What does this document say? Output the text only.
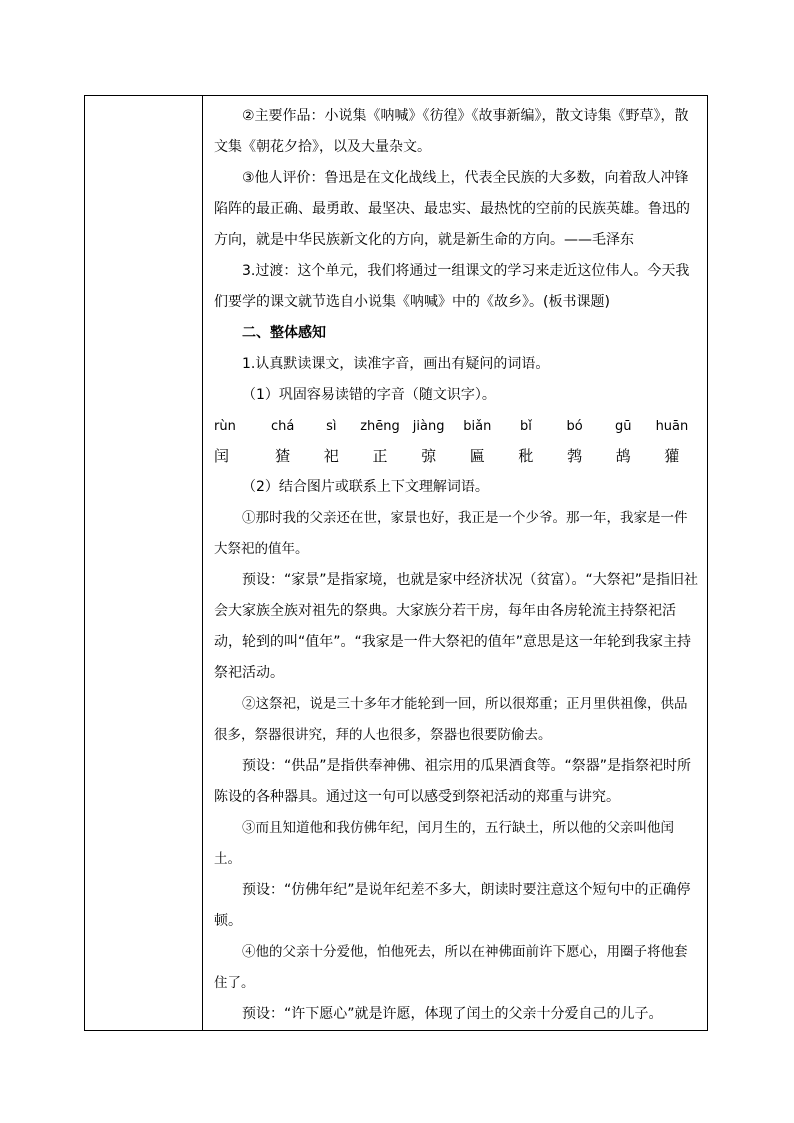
②主要作品：小说集《呐喊》《彷徨》《故事新编》，散文诗集《野草》，散文集《朝花夕拾》，以及大量杂文。

③他人评价：鲁迅是在文化战线上，代表全民族的大多数，向着敌人冲锋陷阵的最正确、最勇敢、最坚决、最忠实、最热忱的空前的民族英雄。鲁迅的方向，就是中华民族新文化的方向，就是新生命的方向。——毛泽东

3.过渡：这个单元，我们将通过一组课文的学习来走近这位伟人。今天我们要学的课文就节选自小说集《呐喊》中的《故乡》。(板书课题)

二、整体感知

1.认真默读课文，读准字音，画出有疑问的词语。

（1）巩固容易读错的字音（随文识字）。

rùn	chá	sì	zhēng	jiàng	biǎn	bǐ	bó	gū	huān
闰	猹	祀	正	弶	匾	秕	鹁	鸪	獾

（2）结合图片或联系上下文理解词语。

①那时我的父亲还在世，家景也好，我正是一个少爷。那一年，我家是一件大祭祀的值年。

预设：“家景”是指家境，也就是家中经济状况（贫富）。“大祭祀”是指旧社会大家族全族对祖先的祭典。大家族分若干房，每年由各房轮流主持祭祀活动，轮到的叫“值年”。“我家是一件大祭祀的值年”意思是这一年轮到我家主持祭祀活动。

②这祭祀，说是三十多年才能轮到一回，所以很郑重；正月里供祖像，供品很多，祭器很讲究，拜的人也很多，祭器也很要防偷去。

预设：“供品”是指供奉神佛、祖宗用的瓜果酒食等。“祭器”是指祭祀时所陈设的各种器具。通过这一句可以感受到祭祀活动的郑重与讲究。

③而且知道他和我仿佛年纪，闰月生的，五行缺土，所以他的父亲叫他闰土。

预设：“仿佛年纪”是说年纪差不多大，朗读时要注意这个短句中的正确停顿。

④他的父亲十分爱他，怕他死去，所以在神佛面前许下愿心，用圈子将他套住了。

预设：“许下愿心”就是许愿，体现了闰土的父亲十分爱自己的儿子。
